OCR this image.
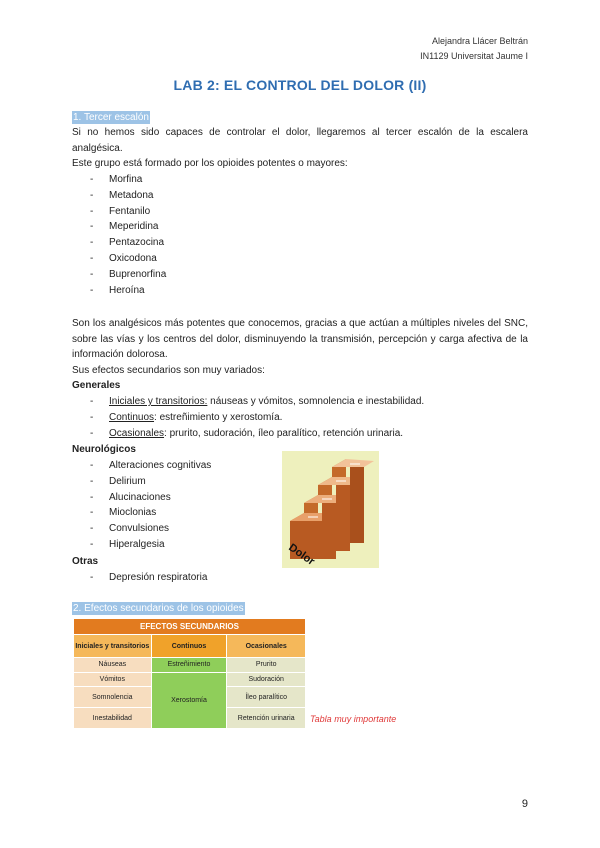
Alejandra Llácer Beltrán
IN1129 Universitat Jaume I
LAB 2: EL CONTROL DEL DOLOR (II)
1. Tercer escalón
Si no hemos sido capaces de controlar el dolor, llegaremos al tercer escalón de la escalera analgésica.
Este grupo está formado por los opioides potentes o mayores:
- Morfina
- Metadona
- Fentanilo
- Meperidina
- Pentazocina
- Oxicodona
- Buprenorfina
- Heroína
Son los analgésicos más potentes que conocemos, gracias a que actúan a múltiples niveles del SNC, sobre las vías y los centros del dolor, disminuyendo la transmisión, percepción y carga afectiva de la información dolorosa.
Sus efectos secundarios son muy variados:
Generales
- Iniciales y transitorios: náuseas y vómitos, somnolencia e inestabilidad.
- Continuos: estreñimiento y xerostomía.
- Ocasionales: prurito, sudoración, íleo paralítico, retención urinaria.
Neurológicos
- Alteraciones cognitivas
- Delirium
- Alucinaciones
- Mioclonias
- Convulsiones
- Hiperalgesia	Dolor
Otras
- Depresión respiratoria
2. Efectos secundarios de los opioides
EFECTOS SECUNDARIOS		
Iniciales y transitorios	Continuos	Ocasionales
Náuseas	Estreñimiento	Prurito
Vómitos	Xerostomía	Sudoración
Somnolencia		Íleo paralítico
Inestabilidad		Retención urinaria Tabla muy importante
9
